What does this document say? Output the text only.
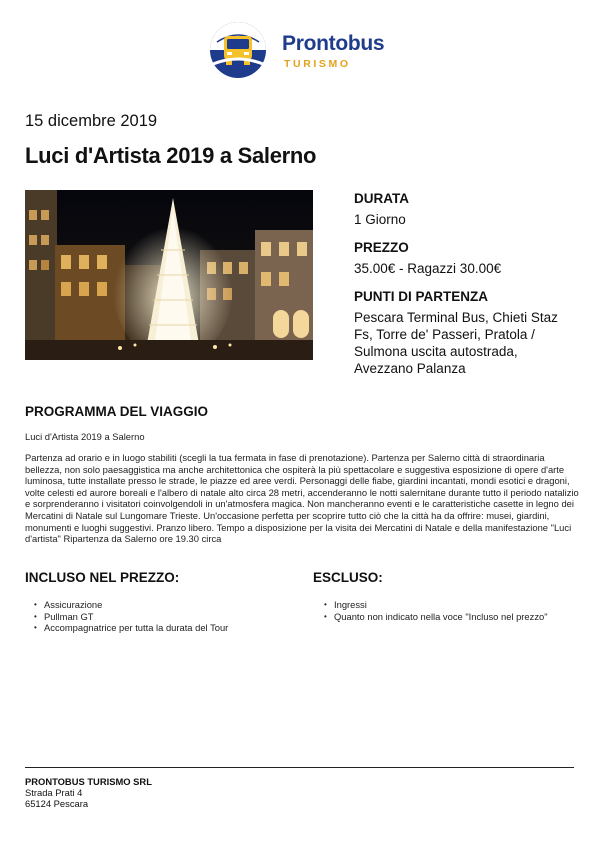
Prontobus
TURISMO
15 dicembre 2019
Luci d'Artista 2019 a Salerno
DURATA
1 Giorno
PREZZO
35.00€ - Ragazzi 30.00€
PUNTI DI PARTENZA
Pescara Terminal Bus, Chieti Staz Fs, Torre de' Passeri, Pratola / Sulmona uscita autostrada, Avezzano Palanza
PROGRAMMA DEL VIAGGIO
Luci d'Artista 2019 a Salerno
Partenza ad orario e in luogo stabiliti (scegli la tua fermata in fase di prenotazione). Partenza per Salerno città di straordinaria bellezza, non solo paesaggistica ma anche architettonica che ospiterà la più spettacolare e suggestiva esposizione di opere d'arte luminosa, tutte installate presso le strade, le piazze ed aree verdi. Personaggi delle fiabe, giardini incantati, mondi esotici e dragoni, volte celesti ed aurore boreali e l'albero di natale alto circa 28 metri, accenderanno le notti salernitane durante tutto il periodo natalizio e sorprenderanno i visitatori coinvolgendoli in un'atmosfera magica. Non mancheranno eventi e le caratteristiche casette in legno dei Mercatini di Natale sul Lungomare Trieste. Un'occasione perfetta per scoprire tutto ciò che la città ha da offrire: musei, giardini, monumenti e luoghi suggestivi. Pranzo libero. Tempo a disposizione per la visita dei Mercatini di Natale e della manifestazione "Luci d'artista" Ripartenza da Salerno ore 19.30 circa
INCLUSO NEL PREZZO:
• Assicurazione
• Pullman GT
• Accompagnatrice per tutta la durata del Tour
ESCLUSO:
• Ingressi
• Quanto non indicato nella voce "Incluso nel prezzo"
PRONTOBUS TURISMO SRL
Strada Prati 4
65124 Pescara
